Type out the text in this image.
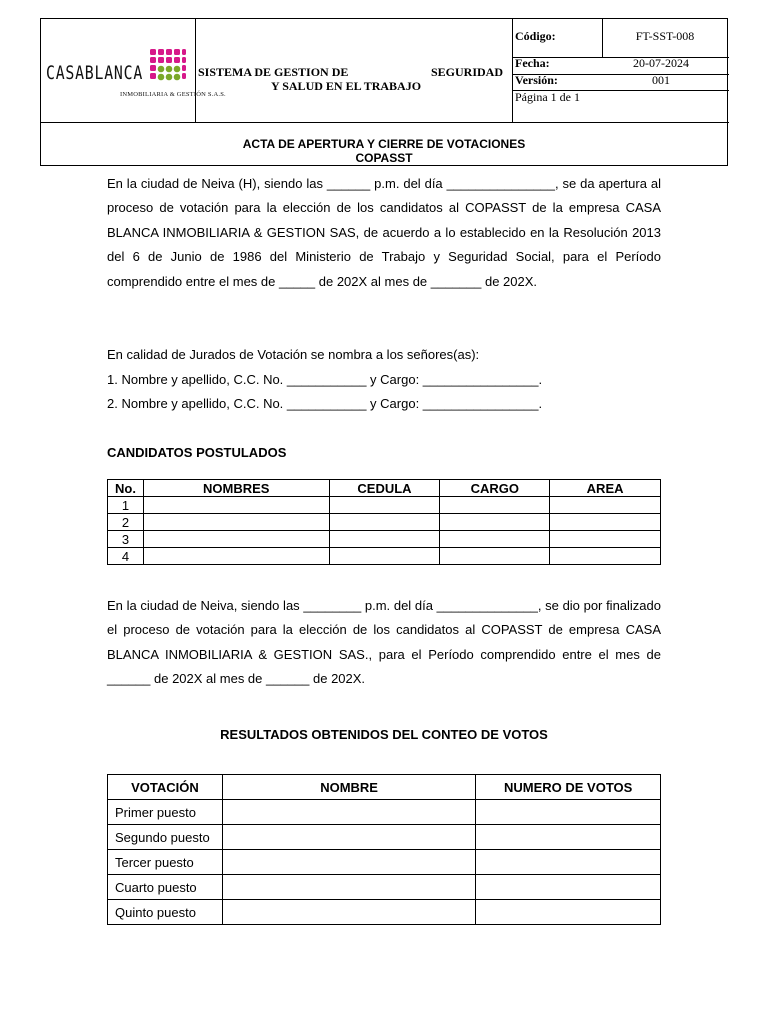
CASABLANCA
INMOBILIARIA & GESTIÓN S.A.S.
SISTEMA DE GESTION DE	SEGURIDAD
Y SALUD EN EL TRABAJO
Código:	FT-SST-008
Fecha:	20-07-2024
Versión:	001
Página 1 de 1
ACTA DE APERTURA Y CIERRE DE VOTACIONES
COPASST
En la ciudad de Neiva (H), siendo las ______ p.m. del día _______________, se da apertura al proceso de votación para la elección de los candidatos al COPASST de la empresa CASA BLANCA INMOBILIARIA & GESTION SAS, de acuerdo a lo establecido en la Resolución 2013 del 6 de Junio de 1986 del Ministerio de Trabajo y Seguridad Social, para el Período comprendido entre el mes de _____ de 202X al mes de _______ de 202X.
En calidad de Jurados de Votación se nombra a los señores(as):
1. Nombre y apellido, C.C. No. ___________ y Cargo: ________________.
2. Nombre y apellido, C.C. No. ___________ y Cargo: ________________.
CANDIDATOS POSTULADOS
No.	NOMBRES	CEDULA	CARGO	AREA
1				
2				
3				
4				
En la ciudad de Neiva, siendo las ________ p.m. del día ______________, se dio por finalizado el proceso de votación para la elección de los candidatos al COPASST de empresa CASA BLANCA INMOBILIARIA & GESTION SAS., para el Período comprendido entre el mes de ______ de 202X al mes de ______ de 202X.
RESULTADOS OBTENIDOS DEL CONTEO DE VOTOS
VOTACIÓN	NOMBRE	NUMERO DE VOTOS
Primer puesto		
Segundo puesto		
Tercer puesto		
Cuarto puesto		
Quinto puesto		
